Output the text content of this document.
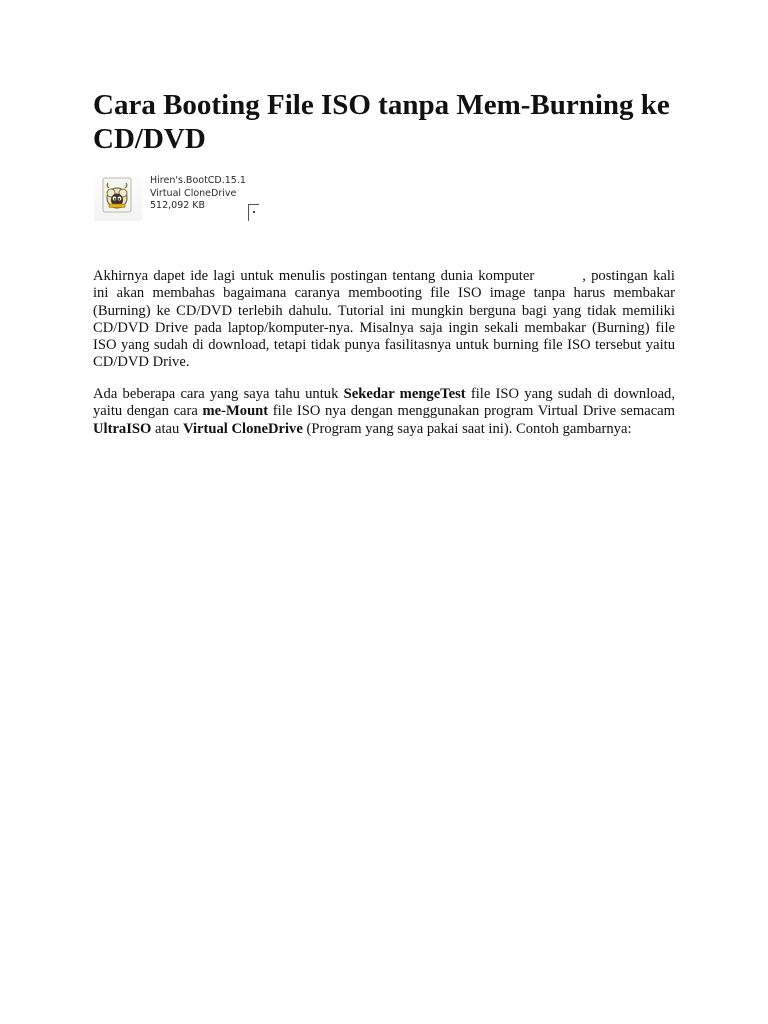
Cara Booting File ISO tanpa Mem-Burning ke CD/DVD
Hiren's.BootCD.15.1
Virtual CloneDrive
512,092 KB

Akhirnya dapet ide lagi untuk menulis postingan tentang dunia komputer	, postingan kali ini akan membahas bagaimana caranya membooting file ISO image tanpa harus membakar (Burning) ke CD/DVD terlebih dahulu. Tutorial ini mungkin berguna bagi yang tidak memiliki CD/DVD Drive pada laptop/komputer-nya. Misalnya saja ingin sekali membakar (Burning) file ISO yang sudah di download, tetapi tidak punya fasilitasnya untuk burning file ISO tersebut yaitu CD/DVD Drive.

Ada beberapa cara yang saya tahu untuk Sekedar mengeTest file ISO yang sudah di download, yaitu dengan cara me-Mount file ISO nya dengan menggunakan program Virtual Drive semacam UltraISO atau Virtual CloneDrive (Program yang saya pakai saat ini). Contoh gambarnya:
